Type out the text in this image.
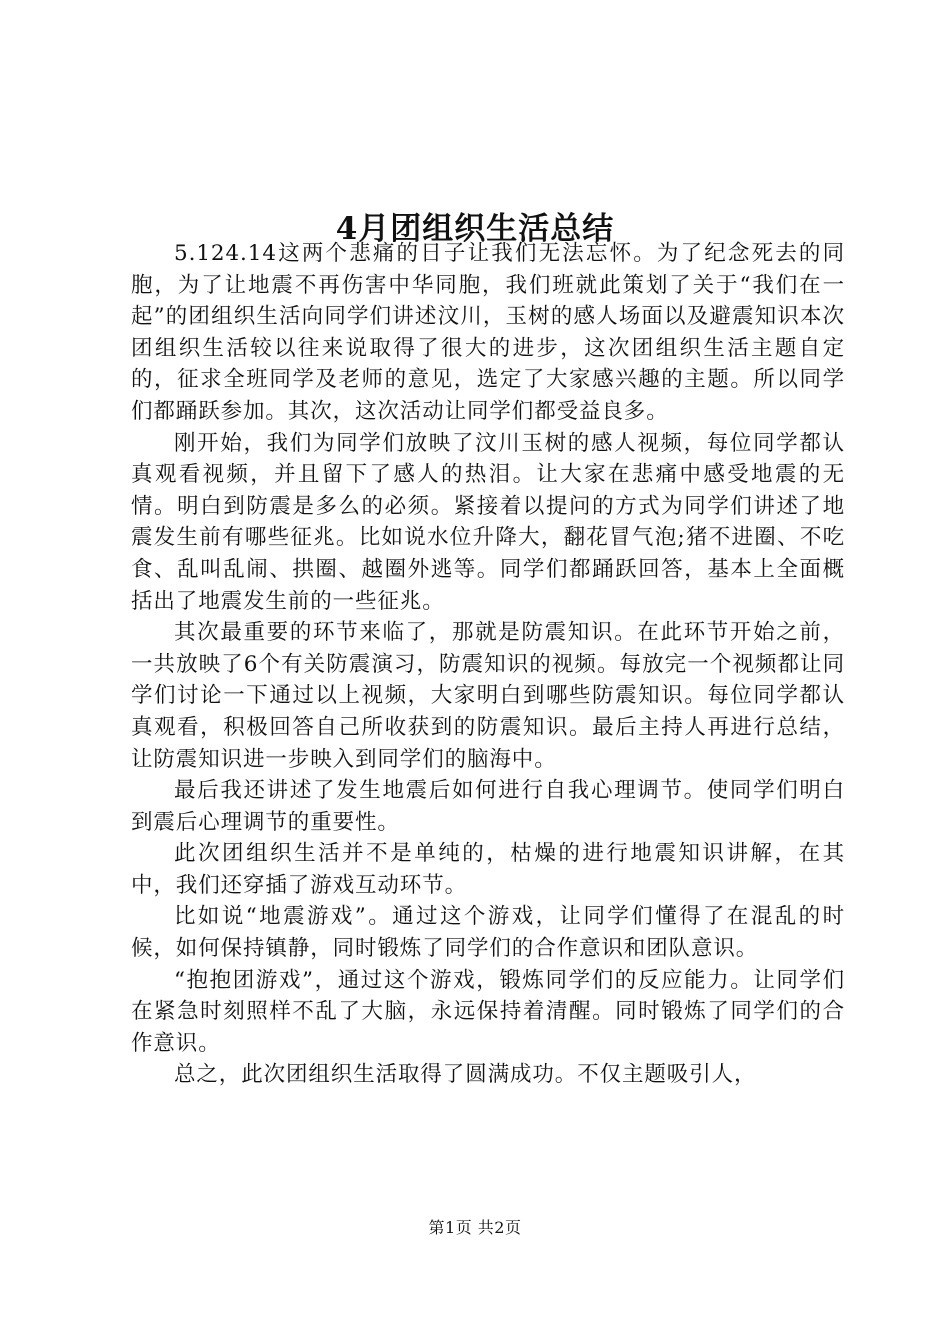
4月团组织生活总结

5.124.14这两个悲痛的日子让我们无法忘怀。为了纪念死去的同胞，为了让地震不再伤害中华同胞，我们班就此策划了关于“我们在一起”的团组织生活向同学们讲述汶川，玉树的感人场面以及避震知识本次团组织生活较以往来说取得了很大的进步，这次团组织生活主题自定的，征求全班同学及老师的意见，选定了大家感兴趣的主题。所以同学们都踊跃参加。其次，这次活动让同学们都受益良多。

刚开始，我们为同学们放映了汶川玉树的感人视频，每位同学都认真观看视频，并且留下了感人的热泪。让大家在悲痛中感受地震的无情。明白到防震是多么的必须。紧接着以提问的方式为同学们讲述了地震发生前有哪些征兆。比如说水位升降大，翻花冒气泡;猪不进圈、不吃食、乱叫乱闹、拱圈、越圈外逃等。同学们都踊跃回答，基本上全面概括出了地震发生前的一些征兆。

其次最重要的环节来临了，那就是防震知识。在此环节开始之前，一共放映了6个有关防震演习，防震知识的视频。每放完一个视频都让同学们讨论一下通过以上视频，大家明白到哪些防震知识。每位同学都认真观看，积极回答自己所收获到的防震知识。最后主持人再进行总结，让防震知识进一步映入到同学们的脑海中。

最后我还讲述了发生地震后如何进行自我心理调节。使同学们明白到震后心理调节的重要性。

此次团组织生活并不是单纯的，枯燥的进行地震知识讲解，在其中，我们还穿插了游戏互动环节。

比如说“地震游戏”。通过这个游戏，让同学们懂得了在混乱的时候，如何保持镇静，同时锻炼了同学们的合作意识和团队意识。

“抱抱团游戏”，通过这个游戏，锻炼同学们的反应能力。让同学们在紧急时刻照样不乱了大脑，永远保持着清醒。同时锻炼了同学们的合作意识。

总之，此次团组织生活取得了圆满成功。不仅主题吸引人，

第1页 共2页
